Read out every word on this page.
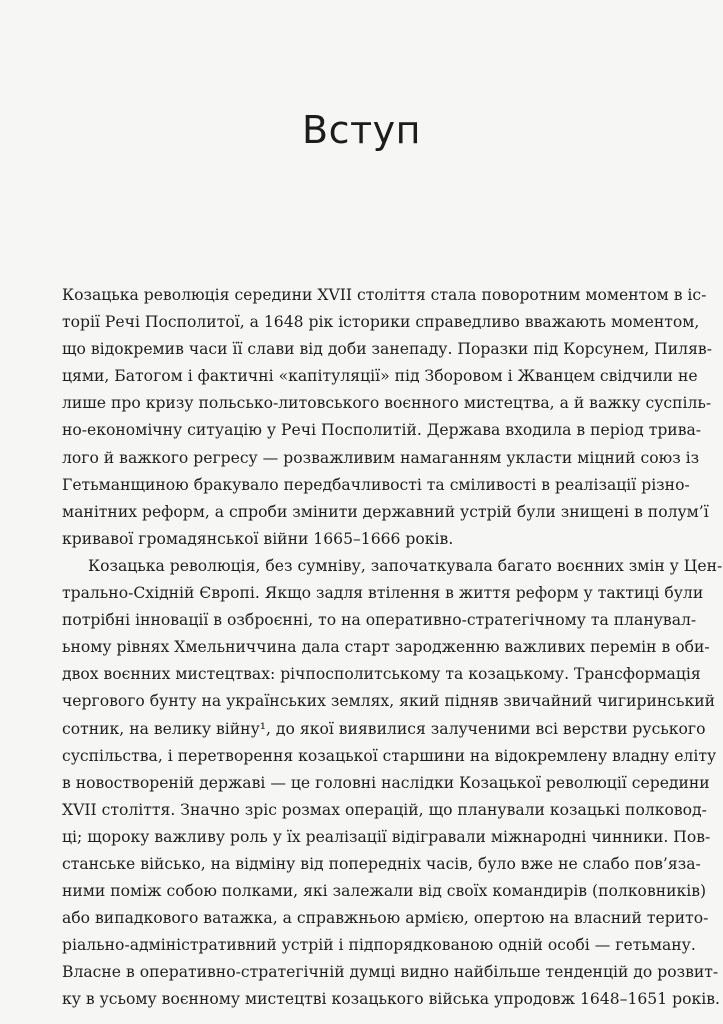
Вступ
Козацька революція середини XVII століття стала поворотним моментом в іс-
торії Речі Посполитої, а 1648 рік історики справедливо вважають моментом,
що відокремив часи її слави від доби занепаду. Поразки під Корсунем, Пиляв-
цями, Батогом і фактичні «капітуляції» під Зборовом і Жванцем свідчили не
лише про кризу польсько-литовського воєнного мистецтва, а й важку суспіль-
но-економічну ситуацію у Речі Посполитій. Держава входила в період трива-
лого й важкого регресу — розважливим намаганням укласти міцний союз із
Гетьманщиною бракувало передбачливості та сміливості в реалізації різно-
манітних реформ, а спроби змінити державний устрій були знищені в полум’ї
кривавої громадянської війни 1665–1666 років.
Козацька революція, без сумніву, започаткувала багато воєнних змін у Цен-
трально-Східній Європі. Якщо задля втілення в життя реформ у тактиці були
потрібні інновації в озброєнні, то на оперативно-стратегічному та планувал-
ьному рівнях Хмельниччина дала старт зародженню важливих перемін в оби-
двох воєнних мистецтвах: річпосполитському та козацькому. Трансформація
чергового бунту на українських землях, який підняв звичайний чигиринський
сотник, на велику війну¹, до якої виявилися залученими всі верстви руського
суспільства, і перетворення козацької старшини на відокремлену владну еліту
в новоствореній державі — це головні наслідки Козацької революції середини
XVII століття. Значно зріс розмах операцій, що планували козацькі полковод-
ці; щороку важливу роль у їх реалізації відігравали міжнародні чинники. Пов-
станське військо, на відміну від попередніх часів, було вже не слабо пов’яза-
ними поміж собою полками, які залежали від своїх командирів (полковників)
або випадкового ватажка, а справжньою армією, опертою на власний терито-
ріально-адміністративний устрій і підпорядкованою одній особі — гетьману.
Власне в оперативно-стратегічній думці видно найбільше тенденцій до розвит-
ку в усьому воєнному мистецтві козацького війська упродовж 1648–1651 років.
